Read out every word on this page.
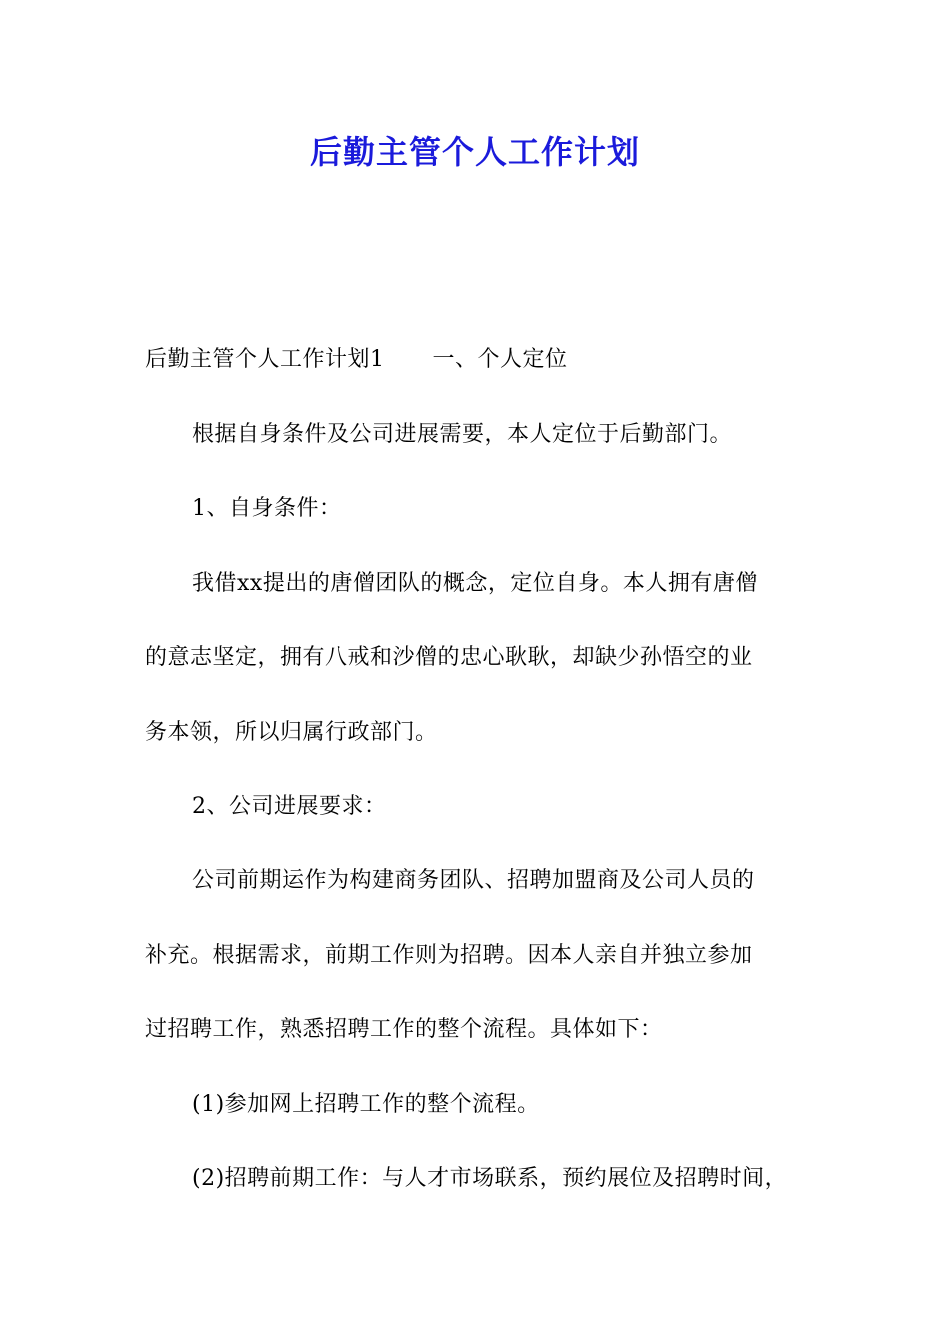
后勤主管个人工作计划
后勤主管个人工作计划1 一、个人定位
根据自身条件及公司进展需要，本人定位于后勤部门。
1、自身条件：
我借xx提出的唐僧团队的概念，定位自身。本人拥有唐僧
的意志坚定，拥有八戒和沙僧的忠心耿耿，却缺少孙悟空的业
务本领，所以归属行政部门。
2、公司进展要求：
公司前期运作为构建商务团队、招聘加盟商及公司人员的
补充。根据需求，前期工作则为招聘。因本人亲自并独立参加
过招聘工作，熟悉招聘工作的整个流程。具体如下：
(1)参加网上招聘工作的整个流程。
(2)招聘前期工作：与人才市场联系，预约展位及招聘时间，
